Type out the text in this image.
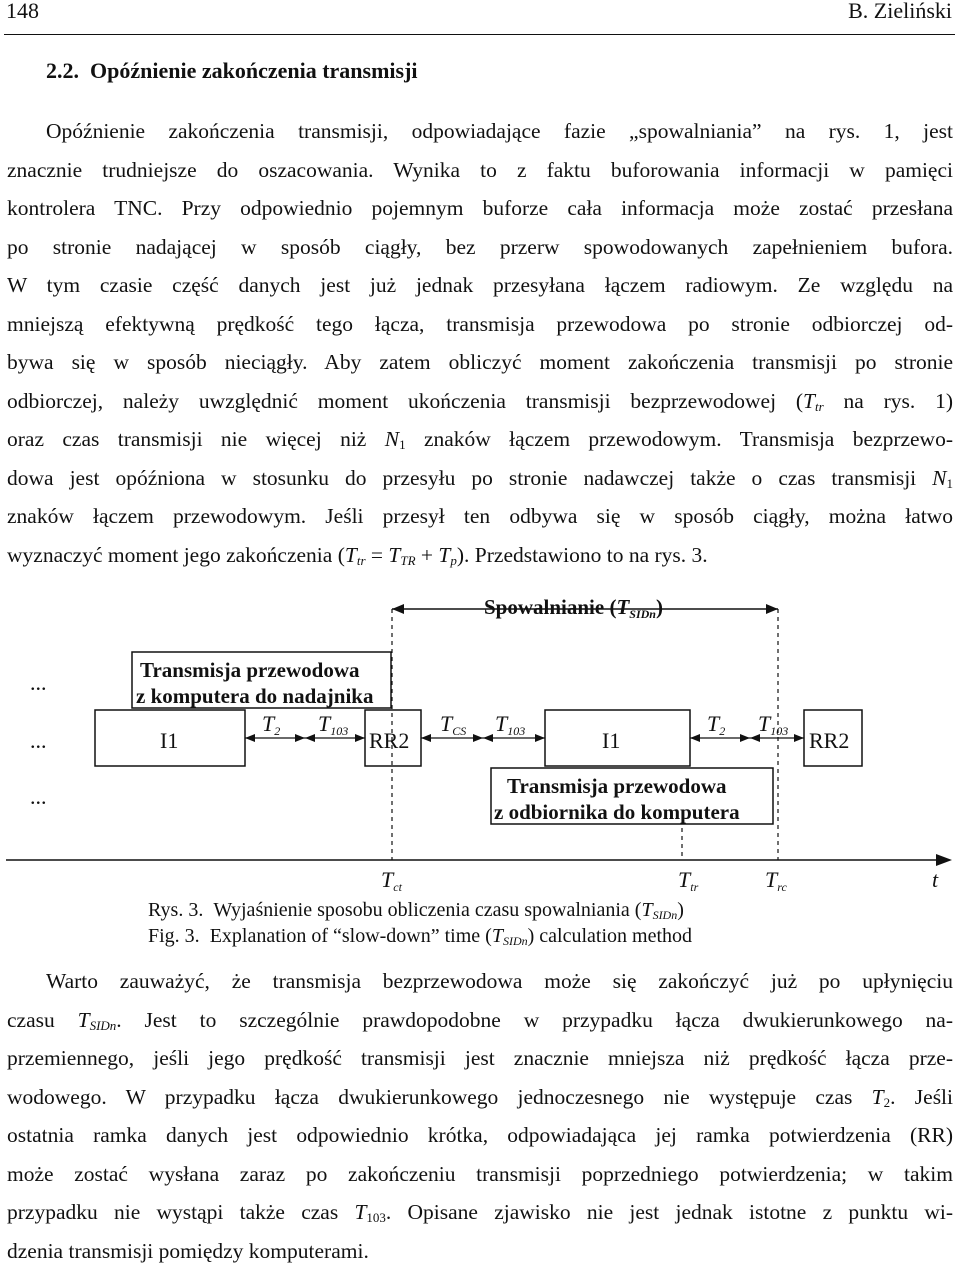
148	B. Zieliński
2.2. Opóźnienie zakończenia transmisji
Opóźnienie zakończenia transmisji, odpowiadające fazie „spowalniania” na rys. 1, jest
znacznie trudniejsze do oszacowania. Wynika to z faktu buforowania informacji w pamięci
kontrolera TNC. Przy odpowiednio pojemnym buforze cała informacja może zostać przesłana
po stronie nadającej w sposób ciągły, bez przerw spowodowanych zapełnieniem bufora.
W tym czasie część danych jest już jednak przesyłana łączem radiowym. Ze względu na
mniejszą efektywną prędkość tego łącza, transmisja przewodowa po stronie odbiorczej od-
bywa się w sposób nieciągły. Aby zatem obliczyć moment zakończenia transmisji po stronie
odbiorczej, należy uwzględnić moment ukończenia transmisji bezprzewodowej ($T_{tr}$ na rys. 1)
oraz czas transmisji nie więcej niż $N_1$ znaków łączem przewodowym. Transmisja bezprzewo-
dowa jest opóźniona w stosunku do przesyłu po stronie nadawczej także o czas transmisji $N_1$
znaków łączem przewodowym. Jeśli przesył ten odbywa się w sposób ciągły, można łatwo
wyznaczyć moment jego zakończenia $(T_{tr} = T_{TR} + T_p)$. Przedstawiono to na rys. 3.
Spowalnianie (TSIDn)
...
...
...
Transmisja przewodowa
z komputera do nadajnika
I1
T2 T103 RR2
TCS T103	I1
T2 T103 RR2
Transmisja przewodowa
z odbiornika do komputera
Tct	Ttr	Trc	t
Rys. 3. Wyjaśnienie sposobu obliczenia czasu spowalniania $(T_{SIDn})$
Fig. 3. Explanation of “slow-down” time $(T_{SIDn})$ calculation method
Warto zauważyć, że transmisja bezprzewodowa może się zakończyć już po upłynięciu
czasu $T_{SIDn}$. Jest to szczególnie prawdopodobne w przypadku łącza dwukierunkowego na-
przemiennego, jeśli jego prędkość transmisji jest znacznie mniejsza niż prędkość łącza prze-
wodowego. W przypadku łącza dwukierunkowego jednoczesnego nie występuje czas $T_2$. Jeśli
ostatnia ramka danych jest odpowiednio krótka, odpowiadająca jej ramka potwierdzenia (RR)
może zostać wysłana zaraz po zakończeniu transmisji poprzedniego potwierdzenia; w takim
przypadku nie wystąpi także czas $T_{103}$. Opisane zjawisko nie jest jednak istotne z punktu wi-
dzenia transmisji pomiędzy komputerami.
